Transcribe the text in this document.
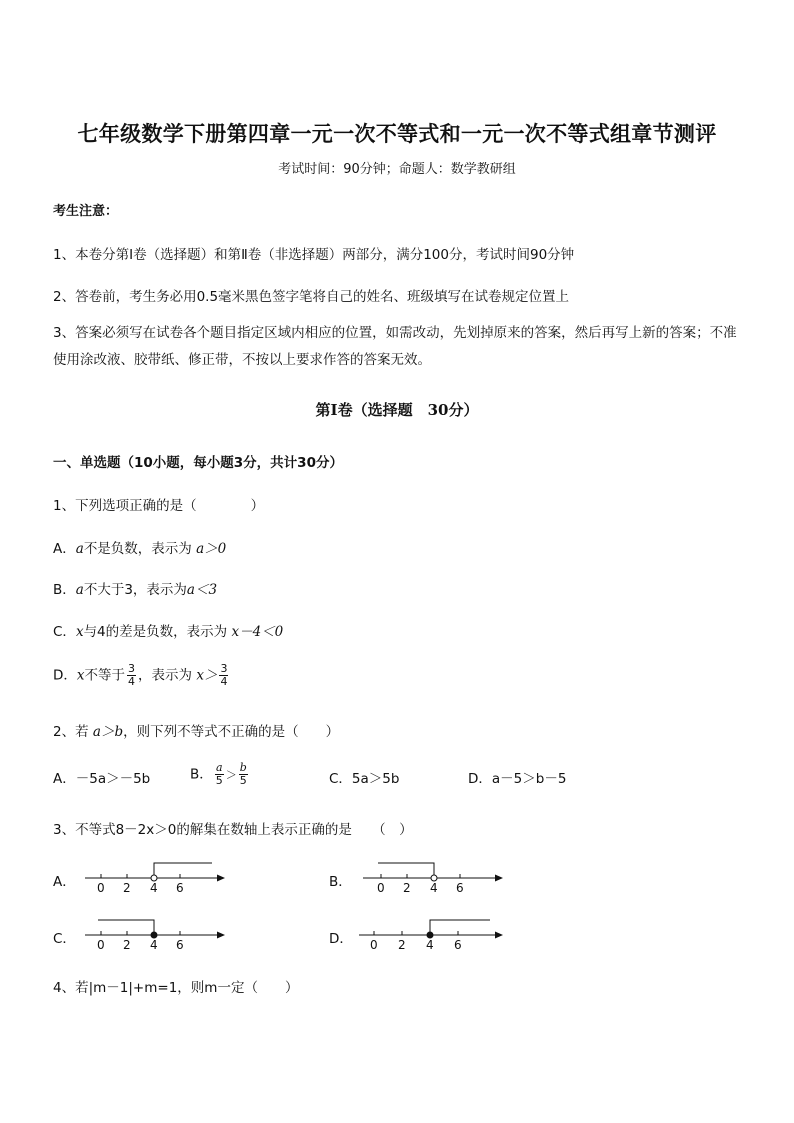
七年级数学下册第四章一元一次不等式和一元一次不等式组章节测评
考试时间：90分钟；命题人：数学教研组
考生注意：
1、本卷分第Ⅰ卷（选择题）和第Ⅱ卷（非选择题）两部分，满分100分，考试时间90分钟
2、答卷前，考生务必用0.5毫米黑色签字笔将自己的姓名、班级填写在试卷规定位置上
3、答案必须写在试卷各个题目指定区域内相应的位置，如需改动，先划掉原来的答案，然后再写上新的答案；不准使用涂改液、胶带纸、修正带，不按以上要求作答的答案无效。
第Ⅰ卷（选择题　30分）
一、单选题（10小题，每小题3分，共计30分）
1、下列选项正确的是（　　　　）
A．a不是负数，表示为 a＞0
B．a不大于3，表示为a＜3
C．x与4的差是负数，表示为 x－4＜0
D．x不等于 $\frac{3}{4}$ ，表示为 $x> \frac{3}{4}$
2、若 a＞b，则下列不等式不正确的是（　　）
A．－5a＞－5b	B． $\frac{a}{5} > \frac{b}{5}$	C．5a＞5b	D．a－5＞b－5
3、不等式8－2x＞0的解集在数轴上表示正确的是　　（　）
A． 0 2 4 6	B． 0 2 4 6
C． 0 2 4 6	D． 0 2 4 6
4、若|m－1|+m=1，则m一定（　　）
